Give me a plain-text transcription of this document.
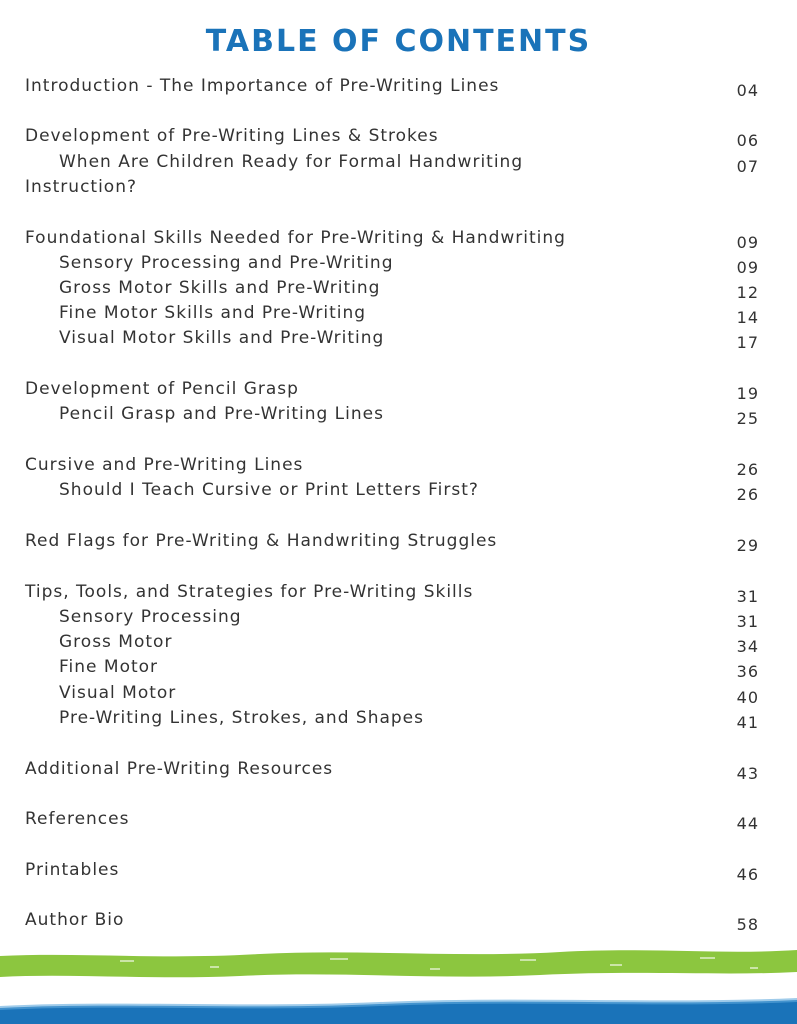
TABLE OF CONTENTS
Introduction - The Importance of Pre-Writing Lines	04
Development of Pre-Writing Lines & Strokes	06
When Are Children Ready for Formal Handwriting	07
Instruction?
Foundational Skills Needed for Pre-Writing & Handwriting	09
Sensory Processing and Pre-Writing	09
Gross Motor Skills and Pre-Writing	12
Fine Motor Skills and Pre-Writing	14
Visual Motor Skills and Pre-Writing	17
Development of Pencil Grasp	19
Pencil Grasp and Pre-Writing Lines	25
Cursive and Pre-Writing Lines	26
Should I Teach Cursive or Print Letters First?	26
Red Flags for Pre-Writing & Handwriting Struggles	29
Tips, Tools, and Strategies for Pre-Writing Skills	31
Sensory Processing	31
Gross Motor	34
Fine Motor	36
Visual Motor	40
Pre-Writing Lines, Strokes, and Shapes	41
Additional Pre-Writing Resources	43
References	44
Printables	46
Author Bio	58
